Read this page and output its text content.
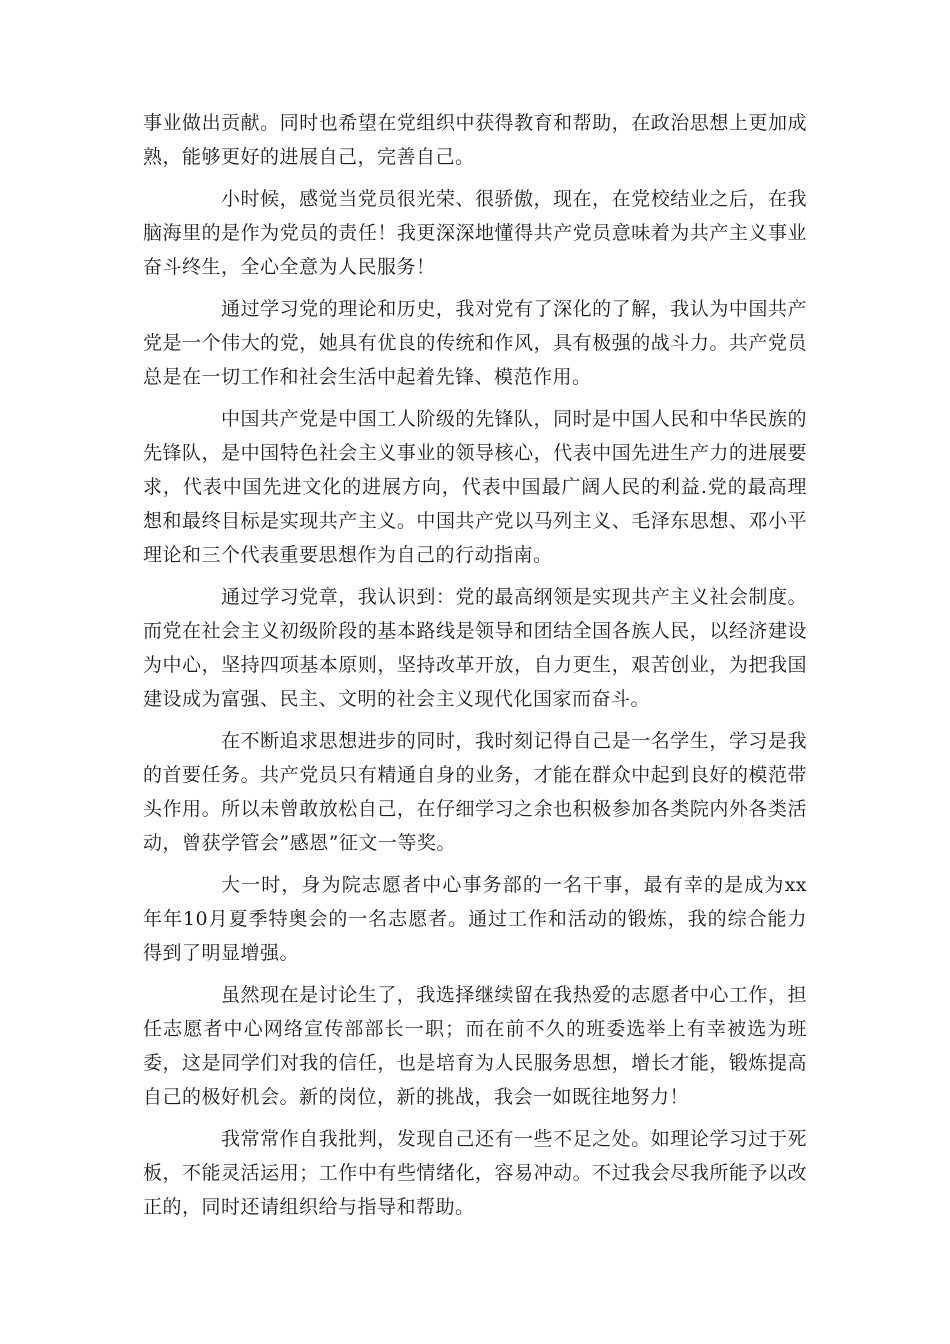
事业做出贡献。同时也希望在党组织中获得教育和帮助，在政治思想上更加成熟，能够更好的进展自己，完善自己。

小时候，感觉当党员很光荣、很骄傲，现在，在党校结业之后，在我脑海里的是作为党员的责任！我更深深地懂得共产党员意味着为共产主义事业奋斗终生，全心全意为人民服务！

通过学习党的理论和历史，我对党有了深化的了解，我认为中国共产党是一个伟大的党，她具有优良的传统和作风，具有极强的战斗力。共产党员总是在一切工作和社会生活中起着先锋、模范作用。

中国共产党是中国工人阶级的先锋队，同时是中国人民和中华民族的先锋队，是中国特色社会主义事业的领导核心，代表中国先进生产力的进展要求，代表中国先进文化的进展方向，代表中国最广阔人民的利益.党的最高理想和最终目标是实现共产主义。中国共产党以马列主义、毛泽东思想、邓小平理论和三个代表重要思想作为自己的行动指南。

通过学习党章，我认识到：党的最高纲领是实现共产主义社会制度。而党在社会主义初级阶段的基本路线是领导和团结全国各族人民，以经济建设为中心，坚持四项基本原则，坚持改革开放，自力更生，艰苦创业，为把我国建设成为富强、民主、文明的社会主义现代化国家而奋斗。

在不断追求思想进步的同时，我时刻记得自己是一名学生，学习是我的首要任务。共产党员只有精通自身的业务，才能在群众中起到良好的模范带头作用。所以未曾敢放松自己，在仔细学习之余也积极参加各类院内外各类活动，曾获学管会”感恩”征文一等奖。

大一时，身为院志愿者中心事务部的一名干事，最有幸的是成为xx年年10月夏季特奥会的一名志愿者。通过工作和活动的锻炼，我的综合能力得到了明显增强。

虽然现在是讨论生了，我选择继续留在我热爱的志愿者中心工作，担任志愿者中心网络宣传部部长一职；而在前不久的班委选举上有幸被选为班委，这是同学们对我的信任，也是培育为人民服务思想，增长才能，锻炼提高自己的极好机会。新的岗位，新的挑战，我会一如既往地努力！

我常常作自我批判，发现自己还有一些不足之处。如理论学习过于死板，不能灵活运用；工作中有些情绪化，容易冲动。不过我会尽我所能予以改正的，同时还请组织给与指导和帮助。
